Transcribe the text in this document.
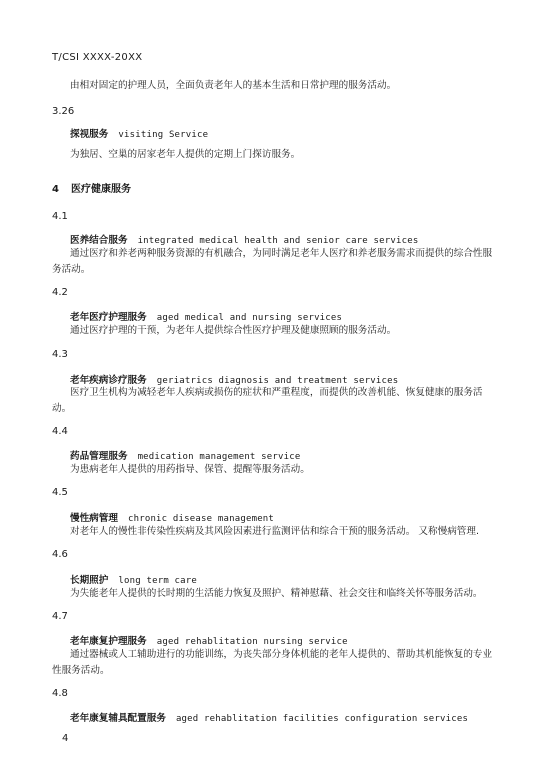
T/CSI XXXX-20XX
由相对固定的护理人员，全面负责老年人的基本生活和日常护理的服务活动。
3.26
探视服务 visiting Service
为独居、空巢的居家老年人提供的定期上门探访服务。
4 医疗健康服务
4.1
医养结合服务 integrated medical health and senior care services
通过医疗和养老两种服务资源的有机融合，为同时满足老年人医疗和养老服务需求而提供的综合性服务活动。
4.2
老年医疗护理服务 aged medical and nursing services
通过医疗护理的干预，为老年人提供综合性医疗护理及健康照顾的服务活动。
4.3
老年疾病诊疗服务 geriatrics diagnosis and treatment services
医疗卫生机构为减轻老年人疾病或损伤的症状和严重程度，而提供的改善机能、恢复健康的服务活动。
4.4
药品管理服务 medication management service
为患病老年人提供的用药指导、保管、提醒等服务活动。
4.5
慢性病管理 chronic disease management
对老年人的慢性非传染性疾病及其风险因素进行监测评估和综合干预的服务活动。 又称慢病管理.
4.6
长期照护 long term care
为失能老年人提供的长时期的生活能力恢复及照护、精神慰藉、社会交往和临终关怀等服务活动。
4.7
老年康复护理服务 aged rehablitation nursing service
通过器械或人工辅助进行的功能训练，为丧失部分身体机能的老年人提供的、帮助其机能恢复的专业性服务活动。
4.8
老年康复辅具配置服务 aged rehablitation facilities configuration services
4
